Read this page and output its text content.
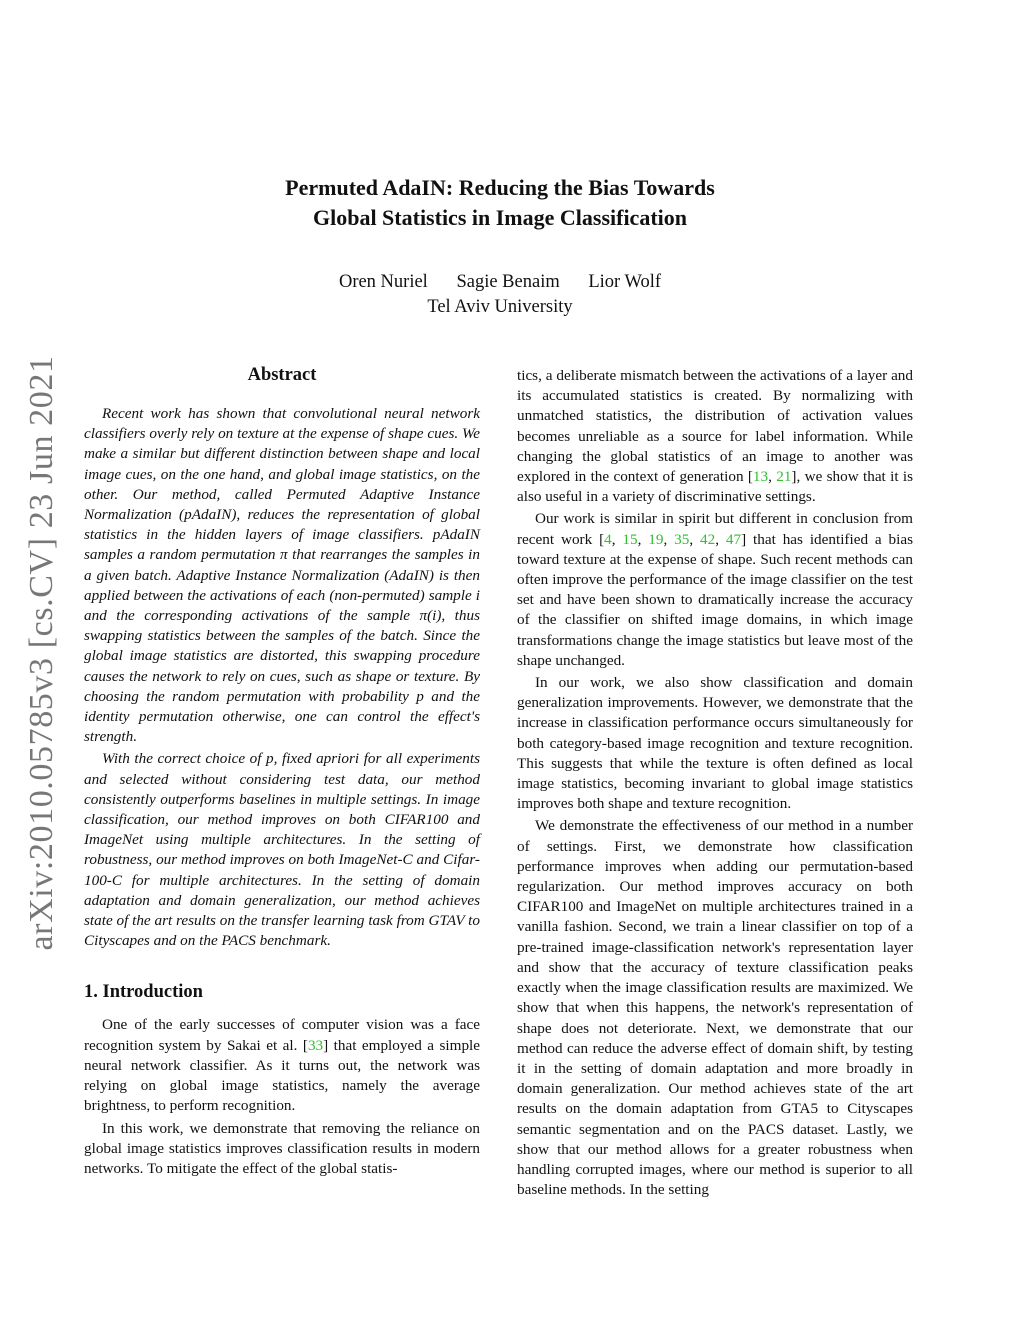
arXiv:2010.05785v3 [cs.CV] 23 Jun 2021
Permuted AdaIN: Reducing the Bias Towards
Global Statistics in Image Classification
Oren Nuriel Sagie Benaim Lior Wolf
Tel Aviv University
Abstract

Recent work has shown that convolutional neural network classifiers overly rely on texture at the expense of shape cues. We make a similar but different distinction between shape and local image cues, on the one hand, and global image statistics, on the other. Our method, called Permuted Adaptive Instance Normalization (pAdaIN), reduces the representation of global statistics in the hidden layers of image classifiers. pAdaIN samples a random permutation π that rearranges the samples in a given batch. Adaptive Instance Normalization (AdaIN) is then applied between the activations of each (non-permuted) sample i and the corresponding activations of the sample π(i), thus swapping statistics between the samples of the batch. Since the global image statistics are distorted, this swapping procedure causes the network to rely on cues, such as shape or texture. By choosing the random permutation with probability p and the identity permutation otherwise, one can control the effect's strength.

With the correct choice of p, fixed apriori for all experiments and selected without considering test data, our method consistently outperforms baselines in multiple settings. In image classification, our method improves on both CIFAR100 and ImageNet using multiple architectures. In the setting of robustness, our method improves on both ImageNet-C and Cifar-100-C for multiple architectures. In the setting of domain adaptation and domain generalization, our method achieves state of the art results on the transfer learning task from GTAV to Cityscapes and on the PACS benchmark.

1. Introduction

One of the early successes of computer vision was a face recognition system by Sakai et al. [33] that employed a simple neural network classifier. As it turns out, the network was relying on global image statistics, namely the average brightness, to perform recognition.

In this work, we demonstrate that removing the reliance on global image statistics improves classification results in modern networks. To mitigate the effect of the global statis-

tics, a deliberate mismatch between the activations of a layer and its accumulated statistics is created. By normalizing with unmatched statistics, the distribution of activation values becomes unreliable as a source for label information. While changing the global statistics of an image to another was explored in the context of generation [13, 21], we show that it is also useful in a variety of discriminative settings.

Our work is similar in spirit but different in conclusion from recent work [4, 15, 19, 35, 42, 47] that has identified a bias toward texture at the expense of shape. Such recent methods can often improve the performance of the image classifier on the test set and have been shown to dramatically increase the accuracy of the classifier on shifted image domains, in which image transformations change the image statistics but leave most of the shape unchanged.

In our work, we also show classification and domain generalization improvements. However, we demonstrate that the increase in classification performance occurs simultaneously for both category-based image recognition and texture recognition. This suggests that while the texture is often defined as local image statistics, becoming invariant to global image statistics improves both shape and texture recognition.

We demonstrate the effectiveness of our method in a number of settings. First, we demonstrate how classification performance improves when adding our permutation-based regularization. Our method improves accuracy on both CIFAR100 and ImageNet on multiple architectures trained in a vanilla fashion. Second, we train a linear classifier on top of a pre-trained image-classification network's representation layer and show that the accuracy of texture classification peaks exactly when the image classification results are maximized. We show that when this happens, the network's representation of shape does not deteriorate. Next, we demonstrate that our method can reduce the adverse effect of domain shift, by testing it in the setting of domain adaptation and more broadly in domain generalization. Our method achieves state of the art results on the domain adaptation from GTA5 to Cityscapes semantic segmentation and on the PACS dataset. Lastly, we show that our method allows for a greater robustness when handling corrupted images, where our method is superior to all baseline methods. In the setting
